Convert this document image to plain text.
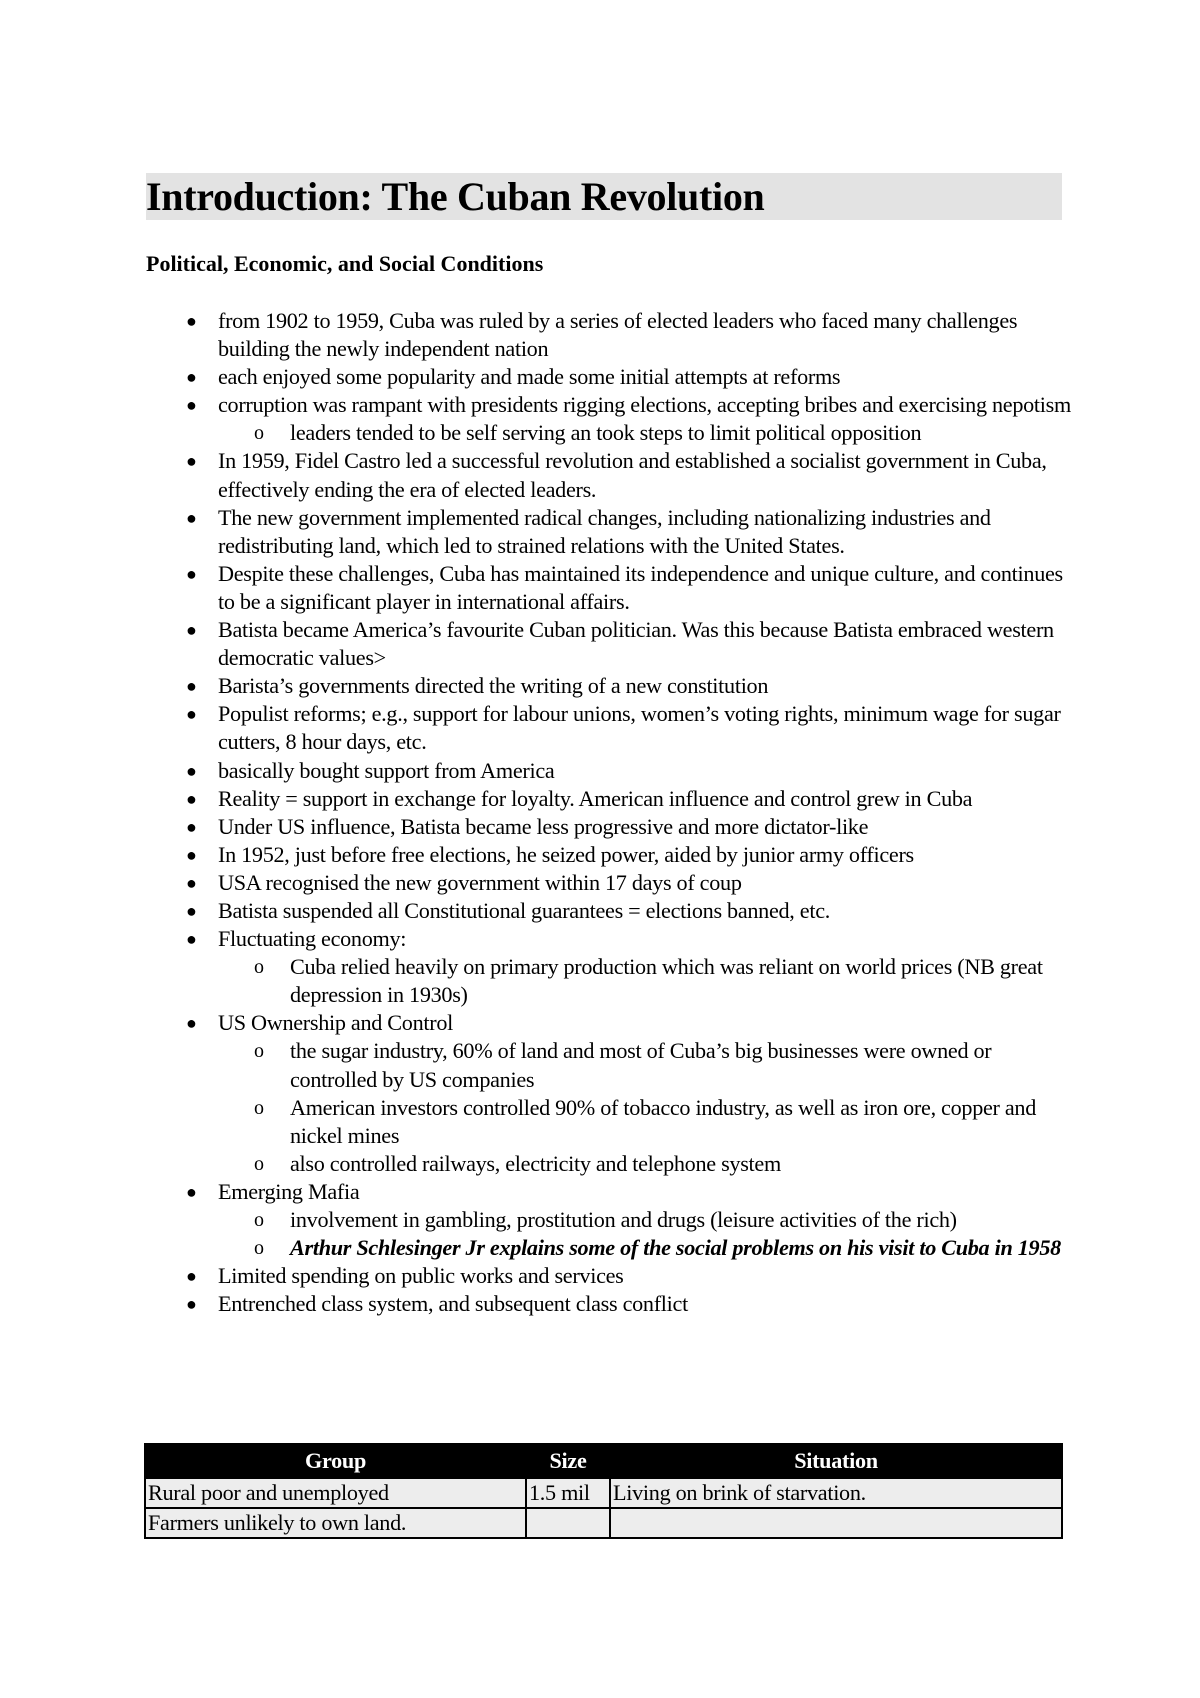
Introduction: The Cuban Revolution
Political, Economic, and Social Conditions
● from 1902 to 1959, Cuba was ruled by a series of elected leaders who faced many challenges building the newly independent nation
● each enjoyed some popularity and made some initial attempts at reforms
● corruption was rampant with presidents rigging elections, accepting bribes and exercising nepotism
o leaders tended to be self serving an took steps to limit political opposition
● In 1959, Fidel Castro led a successful revolution and established a socialist government in Cuba, effectively ending the era of elected leaders.
● The new government implemented radical changes, including nationalizing industries and redistributing land, which led to strained relations with the United States.
● Despite these challenges, Cuba has maintained its independence and unique culture, and continues to be a significant player in international affairs.
● Batista became America’s favourite Cuban politician. Was this because Batista embraced western democratic values>
● Barista’s governments directed the writing of a new constitution
● Populist reforms; e.g., support for labour unions, women’s voting rights, minimum wage for sugar cutters, 8 hour days, etc.
● basically bought support from America
● Reality = support in exchange for loyalty. American influence and control grew in Cuba
● Under US influence, Batista became less progressive and more dictator-like
● In 1952, just before free elections, he seized power, aided by junior army officers
● USA recognised the new government within 17 days of coup
● Batista suspended all Constitutional guarantees = elections banned, etc.
● Fluctuating economy:
o Cuba relied heavily on primary production which was reliant on world prices (NB great depression in 1930s)
● US Ownership and Control
o the sugar industry, 60% of land and most of Cuba’s big businesses were owned or controlled by US companies
o American investors controlled 90% of tobacco industry, as well as iron ore, copper and nickel mines
o also controlled railways, electricity and telephone system
● Emerging Mafia
o involvement in gambling, prostitution and drugs (leisure activities of the rich)
o Arthur Schlesinger Jr explains some of the social problems on his visit to Cuba in 1958
● Limited spending on public works and services
● Entrenched class system, and subsequent class conflict
Group	Size	Situation
Rural poor and unemployed	1.5 mil	Living on brink of starvation.
Farmers unlikely to own land.		
